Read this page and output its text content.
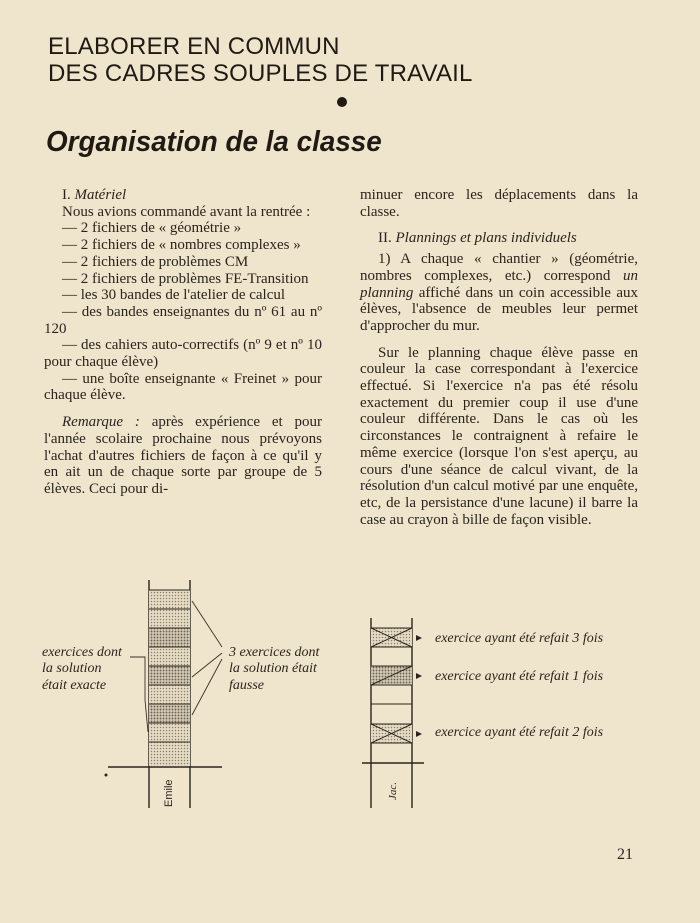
ELABORER EN COMMUN
DES CADRES SOUPLES DE TRAVAIL
Organisation de la classe

I. Matériel

Nous avions commandé avant la rentrée :

— 2 fichiers de « géométrie »

— 2 fichiers de « nombres complexes »

— 2 fichiers de problèmes CM

— 2 fichiers de problèmes FE-Transition

— les 30 bandes de l'atelier de calcul

— des bandes enseignantes du nº 61 au nº 120

— des cahiers auto-correctifs (nº 9 et nº 10 pour chaque élève)

— une boîte enseignante « Freinet » pour chaque élève.

Remarque : après expérience et pour l'année scolaire prochaine nous prévoyons l'achat d'autres fichiers de façon à ce qu'il y en ait un de chaque sorte par groupe de 5 élèves. Ceci pour di-

minuer encore les déplacements dans la classe.

II. Plannings et plans individuels

1) A chaque « chantier » (géométrie, nombres complexes, etc.) correspond un planning affiché dans un coin accessible aux élèves, l'absence de meubles leur permet d'approcher du mur.

Sur le planning chaque élève passe en couleur la case correspondant à l'exercice effectué. Si l'exercice n'a pas été résolu exactement du premier coup il use d'une couleur différente. Dans le cas où les circonstances le contraignent à refaire le même exercice (lorsque l'on s'est aperçu, au cours d'une séance de calcul vivant, de la résolution d'un calcul motivé par une enquête, etc, de la persistance d'une lacune) il barre la case au crayon à bille de façon visible.

Emile
exercices dont
la solution
était exacte
3 exercices dont
la solution était
fausse
Jac.
exercice ayant été refait 3 fois
exercice ayant été refait 1 fois
exercice ayant été refait 2 fois
21
